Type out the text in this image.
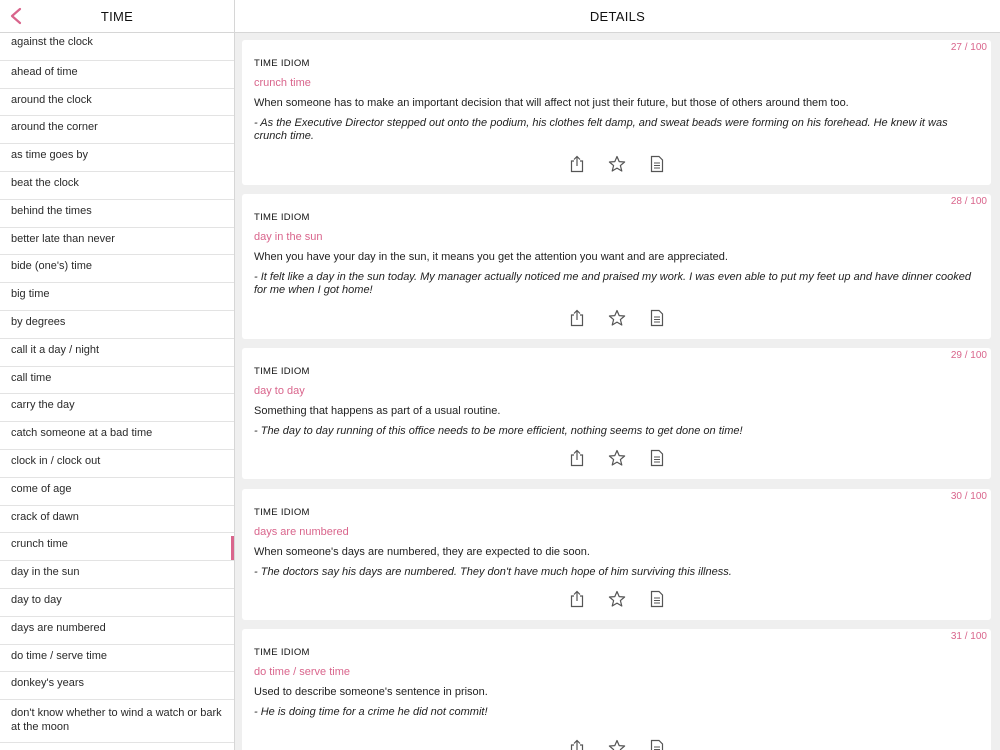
TIME
against the clock
ahead of time
around the clock
around the corner
as time goes by
beat the clock
behind the times
better late than never
bide (one's) time
big time
by degrees
call it a day / night
call time
carry the day
catch someone at a bad time
clock in / clock out
come of age
crack of dawn
crunch time
day in the sun
day to day
days are numbered
do time / serve time
donkey's years
don't know whether to wind a watch or bark at the moon
DETAILS
27 / 100
TIME IDIOM
crunch time
When someone has to make an important decision that will affect not just their future, but those of others around them too.
- As the Executive Director stepped out onto the podium, his clothes felt damp, and sweat beads were forming on his forehead. He knew it was crunch time.
28 / 100
TIME IDIOM
day in the sun
When you have your day in the sun, it means you get the attention you want and are appreciated.
- It felt like a day in the sun today. My manager actually noticed me and praised my work. I was even able to put my feet up and have dinner cooked for me when I got home!
29 / 100
TIME IDIOM
day to day
Something that happens as part of a usual routine.
- The day to day running of this office needs to be more efficient, nothing seems to get done on time!
30 / 100
TIME IDIOM
days are numbered
When someone's days are numbered, they are expected to die soon.
- The doctors say his days are numbered. They don't have much hope of him surviving this illness.
31 / 100
TIME IDIOM
do time / serve time
Used to describe someone's sentence in prison.
- He is doing time for a crime he did not commit!
